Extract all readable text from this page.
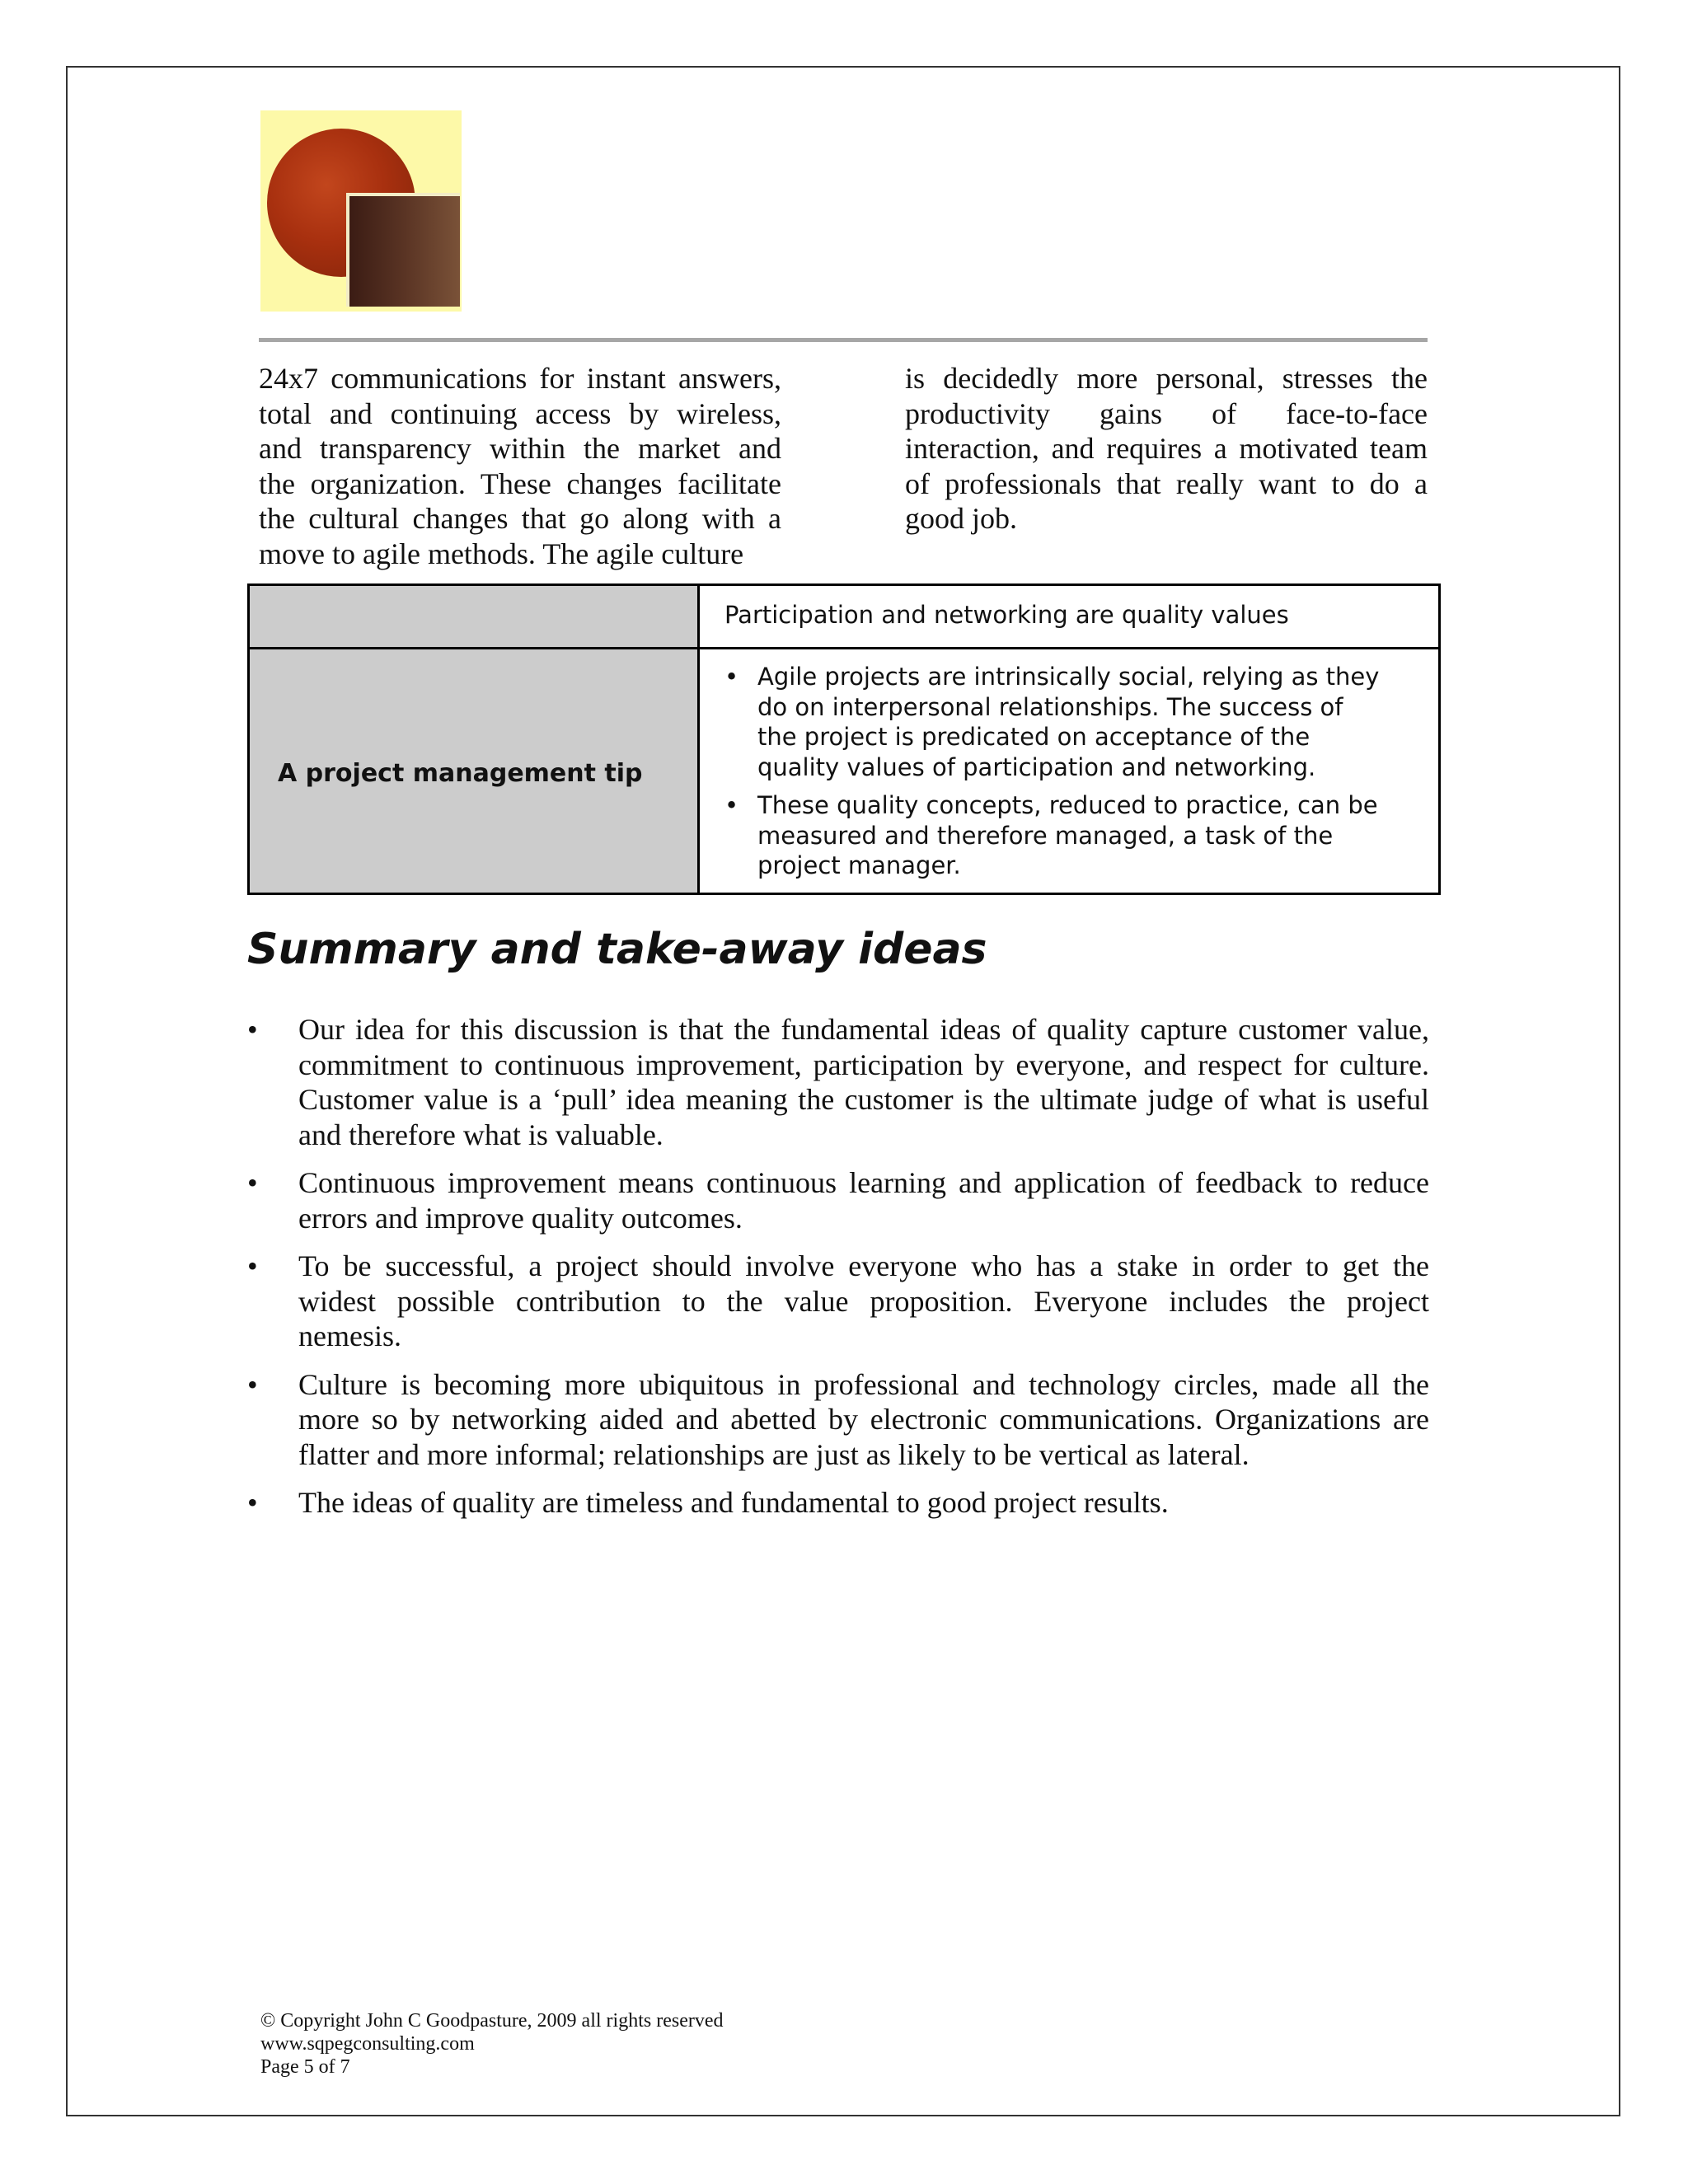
24x7 communications for instant answers,
total and continuing access by wireless,
and transparency within the market and
the organization. These changes facilitate
the cultural changes that go along with a
move to agile methods. The agile culture
is decidedly more personal, stresses the
productivity gains of face-to-face
interaction, and requires a motivated team
of professionals that really want to do a
good job.
A project management tip
Participation and networking are quality values
• Agile projects are intrinsically social, relying as they
do on interpersonal relationships. The success of
the project is predicated on acceptance of the
quality values of participation and networking.
• These quality concepts, reduced to practice, can be
measured and therefore managed, a task of the
project manager.
Summary and take-away ideas
• Our idea for this discussion is that the fundamental ideas of quality capture customer value,
commitment to continuous improvement, participation by everyone, and respect for culture.
Customer value is a ‘pull’ idea meaning the customer is the ultimate judge of what is useful
and therefore what is valuable.
• Continuous improvement means continuous learning and application of feedback to reduce
errors and improve quality outcomes.
• To be successful, a project should involve everyone who has a stake in order to get the
widest possible contribution to the value proposition. Everyone includes the project
nemesis.
• Culture is becoming more ubiquitous in professional and technology circles, made all the
more so by networking aided and abetted by electronic communications. Organizations are
flatter and more informal; relationships are just as likely to be vertical as lateral.
• The ideas of quality are timeless and fundamental to good project results.
© Copyright John C Goodpasture, 2009 all rights reserved
www.sqpegconsulting.com
Page 5 of 7
